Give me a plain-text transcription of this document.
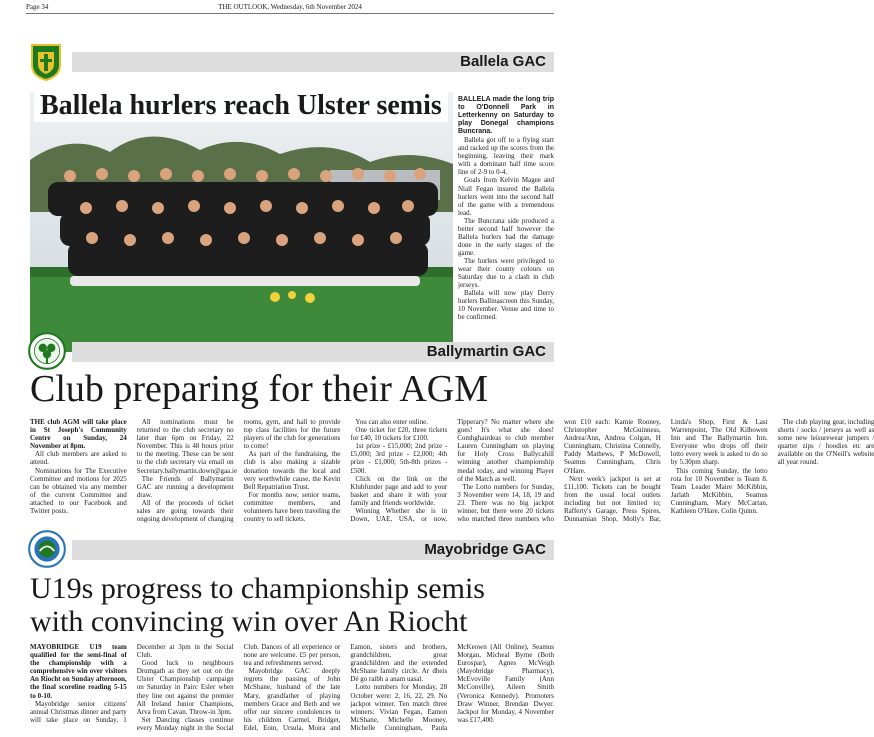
Page 34	THE OUTLOOK, Wednesday, 6th November 2024
Ballela GAC
Ballela hurlers reach Ulster semis	BALLELA made the long trip to O'Donnell Park in Letterkenny on Saturday to play Donegal champions Buncrana.

Ballela got off to a flying start and racked up the scores from the beginning, leaving their mark with a dominant half time score line of 2-9 to 0-4.

Goals from Kelvin Magee and Niall Fegan insured the Ballela hurlers went into the second half of the game with a tremendous lead.

The Buncrana side produced a better second half however the Ballela hurlers had the damage done in the early stages of the game.

The hurlers were privileged to wear their county colours on Saturday due to a clash in club jerseys.

Ballela will now play Derry hurlers Ballinascreen this Sunday, 10 November. Venue and time to be confirmed.

Ballymartin GAC
Club preparing for their AGM

THE club AGM will take place in St Joseph's Community Centre on Sunday, 24 November at 8pm.

All club members are asked to attend.

Nominations for The Executive Committee and motions for 2025 can be obtained via any member of the current Committee and attached to our Facebook and Twitter posts.

All nominations must be returned to the club secretary no later than 6pm on Friday, 22 November. This is 48 hours prior to the meeting. These can be sent to the club secretary via email on Secretary.ballymartin.down@gaa.ie

The Friends of Ballymartin GAC are running a development draw.

All of the proceeds of ticket sales are going towards their ongoing development of changing rooms, gym, and hall to provide top class facilities for the future players of the club for generations to come!

As part of the fundraising, the club is also making a sizable donation towards the local and very worthwhile cause, the Kevin Bell Repatriation Trust.

For months now, senior teams, committee members, and volunteers have been traveling the country to sell tickets.

You can also enter online.

One ticket for £20, three tickets for £40, 10 tickets for £100.

1st prize - £15,000; 2nd prize - £5,000; 3rd prize - £2,000; 4th prize - £1,000; 5th-8th prizes - £500.

Click on the link on the Klubfunder page and add to your basket and share it with your family and friends worldwide.

Winning Whether she is in Down, UAE, USA, or now, Tipperary? No matter where she goes! It's what she does! Comhghairdeas to club member Lauren Cunningham on playing for Holy Cross Ballycahill winning another championship medal today, and winning Player of the Match as well.

The Lotto numbers for Sunday, 3 November were 14, 18, 19 and 23. There was no big jackpot winner, but there were 20 tickets who matched three numbers who won £10 each: Kamie Rooney, Christopher McGuinness, Andrea/Ann, Andrea Colgan, H Cunningham, Christina Connelly, Paddy Mathews, P McDowell, Seamus Cunningham, Chris O'Hare.

Next week's jackpot is set at £11,100. Tickets can be bought from the usual local outlets including but not limited to; Rafferty's Garage, Press Spires, Dunnamian Shop, Molly's Bar, Linda's Shop, First & Last Warrenpoint, The Old Kilbowen Inn and The Ballymartin Inn. Everyone who drops off their lotto every week is asked to do so by 5.30pm sharp.

This coming Sunday, the lotto rota for 10 November is Team 8. Team Leader Maire McKibbin, Jarlath McKibbin, Seamus Cunningham, Mary McCartan, Kathleen O'Hare, Colin Quinn.

The club playing gear, including shorts / socks / jerseys as well as some new leisurewear jumpers / quarter zips / hoodies etc are available on the O'Neill's website all year round.

Mayobridge GAC
U19s progress to championship semis
with convincing win over An Riocht

MAYOBRIDGE U19 team qualified for the semi-final of the championship with a comprehensive win over visitors An Riocht on Sunday afternoon, the final scoreline reading 5-15 to 0-10.

Mayobridge senior citizens' annual Christmas dinner and party will take place on Sunday, 1 December at 3pm in the Social Club.

Good luck to neighbours Drumgath as they set out on the Ulster Championship campaign on Saturday in Pairc Esler when they line out against the premier All Ireland Junior Champions, Arva from Cavan. Throw-in 3pm.

Set Dancing classes continue every Monday night in the Social Club. Dances of all experience or none are welcome. £5 per person, tea and refreshments served.

Mayobridge GAC deeply regrets the passing of John McShane, husband of the late Mary, grandfather of playing members Grace and Beth and we offer our sincere condolences to his children Carmel, Bridget, Edel, Eoin, Ursula, Moira and Eamon, sisters and brothers, grandchildren, great grandchildren and the extended McShane family circle. Ar dheis Dé go raibh a anam uasal.

Lotto numbers for Monday, 28 October were: 2, 16, 22, 29. No jackpot winner. Ten match three winners: Vivian Fegan, Eamon McShane, Michelle Mooney, Michelle Cunningham, Paula McKeown (All Online), Seamus Morgan, Micheal Byrne (Both Eurospar), Agnes McVeigh (Mayobridge Pharmacy), McEvoville Family (Ann McConville), Aileen Smith (Veronica Kennedy). Promoters Draw Winner, Brendan Dwyer. Jackpot for Monday, 4 November was £17,400.
